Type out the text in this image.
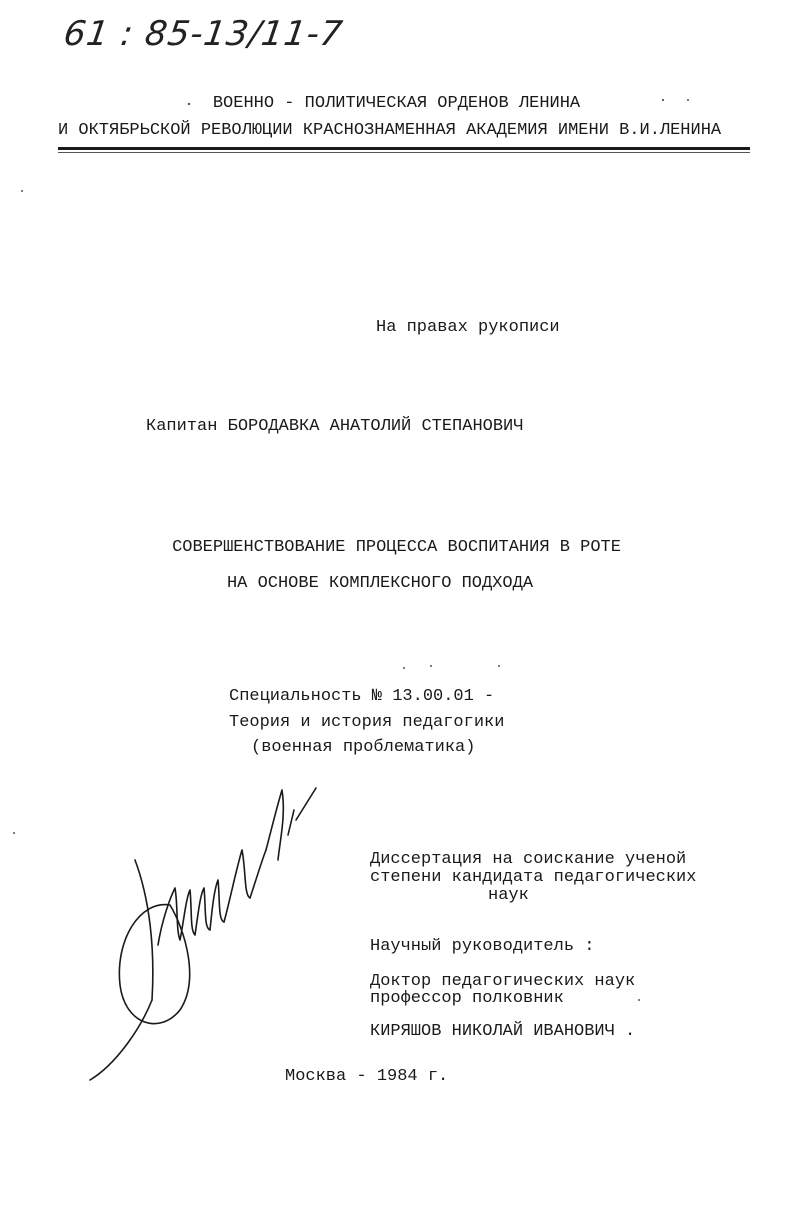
61 : 85-13/11-7
ВОЕННО - ПОЛИТИЧЕСКАЯ ОРДЕНОВ ЛЕНИНА
И ОКТЯБРЬСКОЙ РЕВОЛЮЦИИ КРАСНОЗНАМЕННАЯ АКАДЕМИЯ ИМЕНИ В.И.ЛЕНИНА
На правах рукописи
Капитан БОРОДАВКА АНАТОЛИЙ СТЕПАНОВИЧ
СОВЕРШЕНСТВОВАНИЕ ПРОЦЕССА ВОСПИТАНИЯ В РОТЕ
НА ОСНОВЕ КОМПЛЕКСНОГО ПОДХОДА
Специальность № 13.00.01 -
Теория и история педагогики
(военная проблематика)
Диссертация на соискание ученой
степени кандидата педагогических
наук
Научный руководитель :
Доктор педагогических наук
профессор полковник
КИРЯШОВ НИКОЛАЙ ИВАНОВИЧ .
Москва - 1984 г.
